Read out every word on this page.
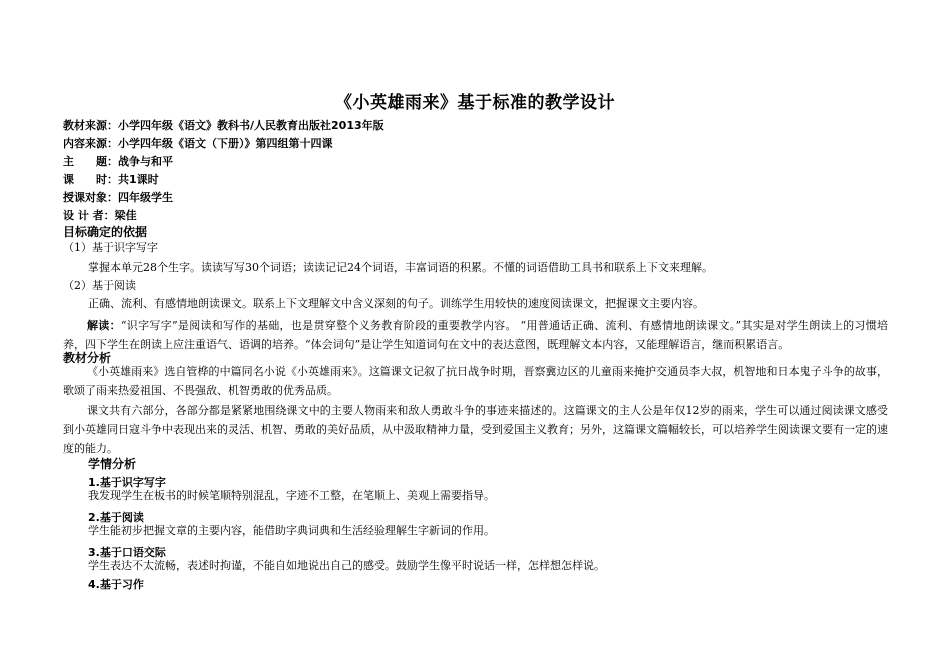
《小英雄雨来》基于标准的教学设计
教材来源：小学四年级《语文》教科书/人民教育出版社2013年版
内容来源：小学四年级《语文（下册）》第四组第十四课
主　　题：战争与和平
课　　时：共1课时
授课对象：四年级学生
设 计 者：梁佳
目标确定的依据
（1）基于识字写字
掌握本单元28个生字。读读写写30个词语；读读记记24个词语，丰富词语的积累。不懂的词语借助工具书和联系上下文来理解。
（2）基于阅读
正确、流利、有感情地朗读课文。联系上下文理解文中含义深刻的句子。训练学生用较快的速度阅读课文，把握课文主要内容。
解读：“识字写字”是阅读和写作的基础，也是贯穿整个义务教育阶段的重要教学内容。 “用普通话正确、流利、有感情地朗读课文。”其实是对学生朗读上的习惯培养，四下学生在朗读上应注重语气、语调的培养。“体会词句”是让学生知道词句在文中的表达意图，既理解文本内容，又能理解语言，继而积累语言。
教材分析
《小英雄雨来》选自管桦的中篇同名小说《小英雄雨来》。这篇课文记叙了抗日战争时期，晋察冀边区的儿童雨来掩护交通员李大叔，机智地和日本鬼子斗争的故事，歌颂了雨来热爱祖国、不畏强敌、机智勇敢的优秀品质。
课文共有六部分，各部分都是紧紧地围绕课文中的主要人物雨来和敌人勇敢斗争的事迹来描述的。这篇课文的主人公是年仅12岁的雨来，学生可以通过阅读课文感受到小英雄同日寇斗争中表现出来的灵活、机智、勇敢的美好品质，从中汲取精神力量，受到爱国主义教育；另外，这篇课文篇幅较长，可以培养学生阅读课文要有一定的速度的能力。
学情分析
1.基于识字写字
我发现学生在板书的时候笔顺特别混乱，字迹不工整，在笔顺上、美观上需要指导。
2.基于阅读
学生能初步把握文章的主要内容，能借助字典词典和生活经验理解生字新词的作用。
3.基于口语交际
学生表达不太流畅，表述时拘谨，不能自如地说出自己的感受。鼓励学生像平时说话一样，怎样想怎样说。
4.基于习作
